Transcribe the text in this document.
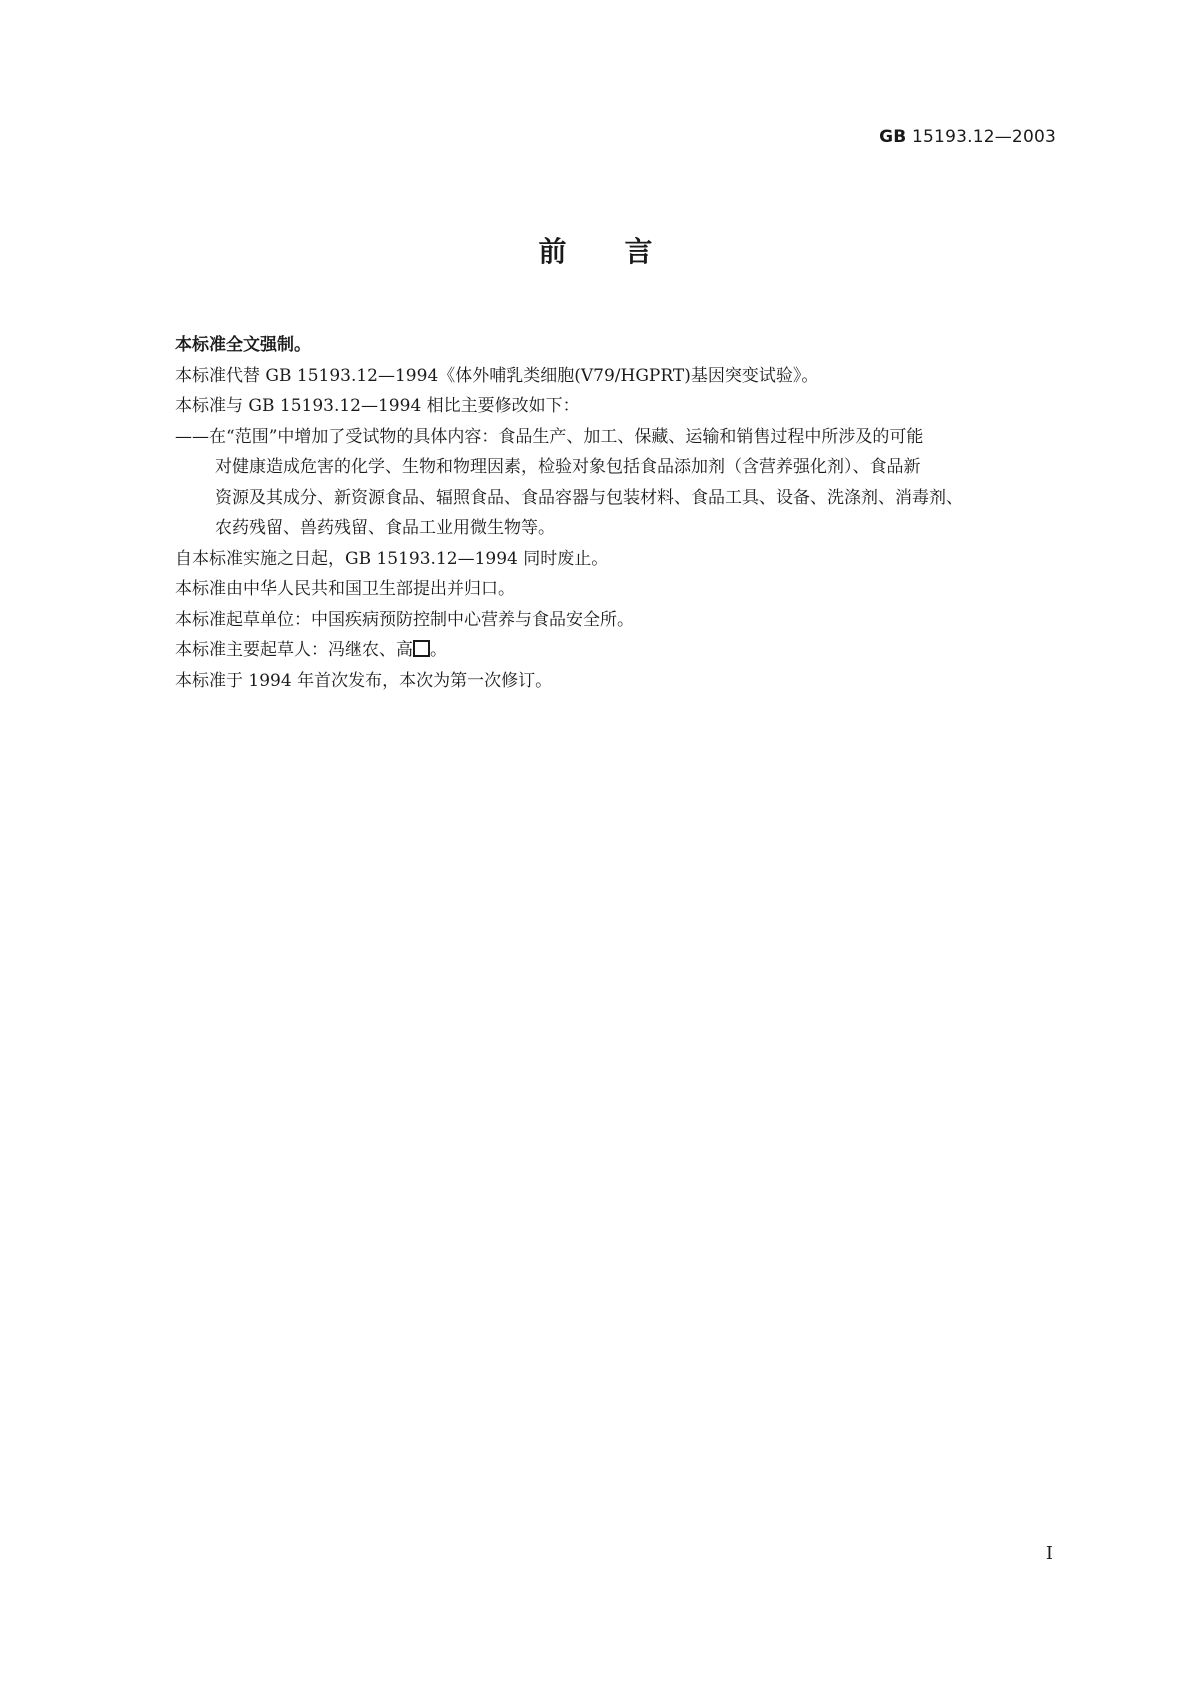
GB 15193.12—2003
前言
本标准全文强制。
本标准代替 GB 15193.12—1994《体外哺乳类细胞(V79/HGPRT)基因突变试验》。
本标准与 GB 15193.12—1994 相比主要修改如下：
——在“范围”中增加了受试物的具体内容：食品生产、加工、保藏、运输和销售过程中所涉及的可能
对健康造成危害的化学、生物和物理因素，检验对象包括食品添加剂（含营养强化剂）、食品新
资源及其成分、新资源食品、辐照食品、食品容器与包装材料、食品工具、设备、洗涤剂、消毒剂、
农药残留、兽药残留、食品工业用微生物等。
自本标准实施之日起，GB 15193.12—1994 同时废止。
本标准由中华人民共和国卫生部提出并归口。
本标准起草单位：中国疾病预防控制中心营养与食品安全所。
本标准主要起草人：冯继农、高 。
本标准于 1994 年首次发布，本次为第一次修订。
I
